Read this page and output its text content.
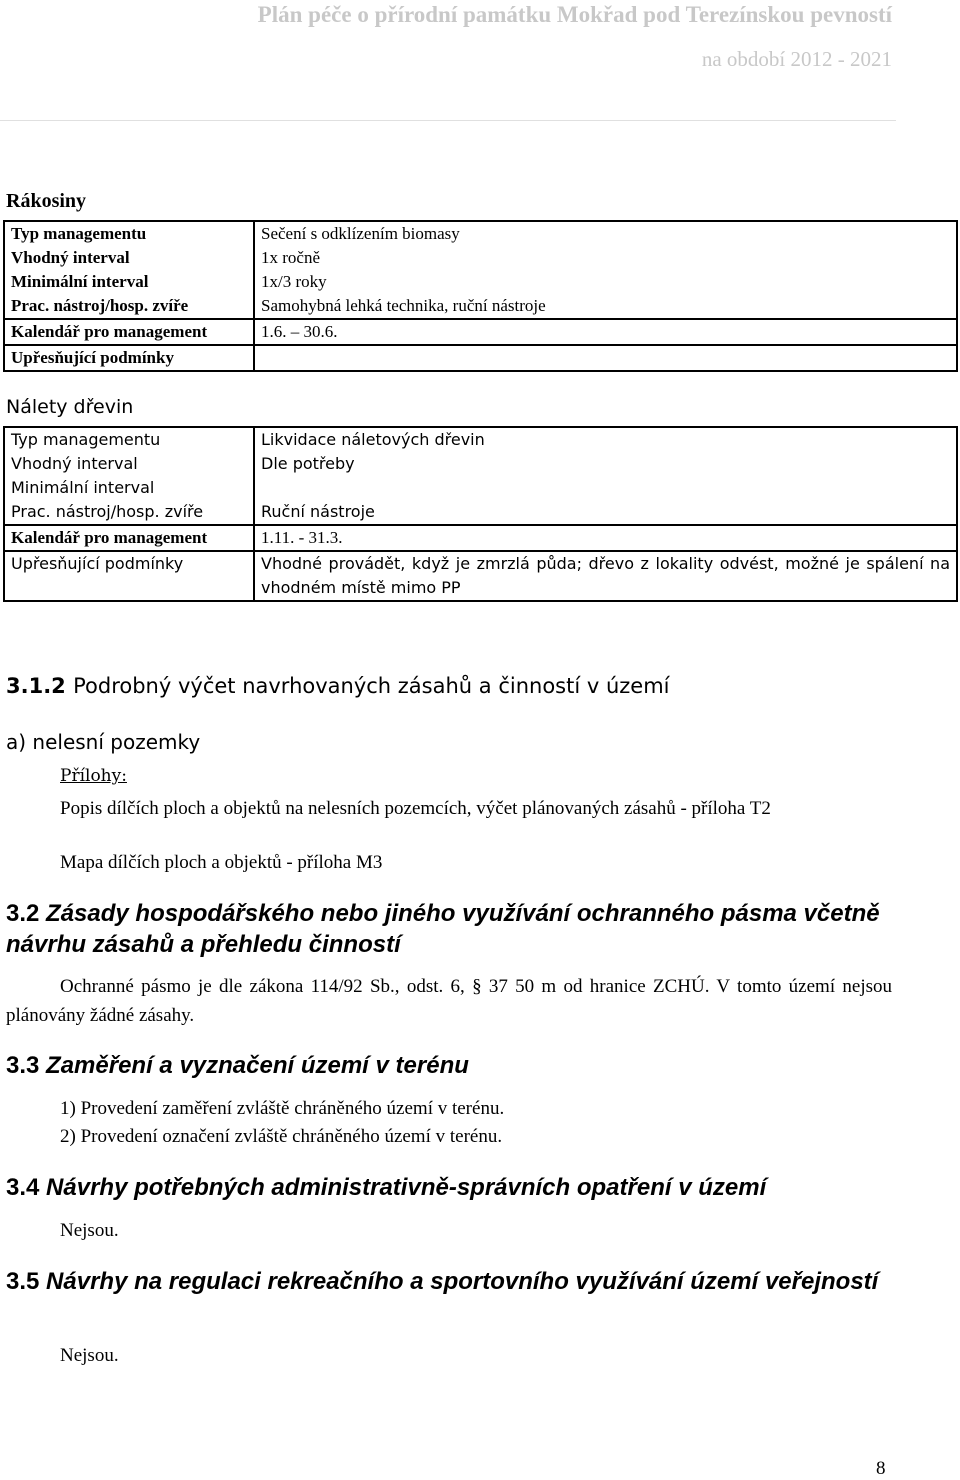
Plán péče o přírodní památku Mokřad pod Terezínskou pevností
na období 2012 - 2021
Rákosiny
Typ managementu	Sečení s odklízením biomasy
Vhodný interval	1x ročně
Minimální interval	1x/3 roky
Prac. nástroj/hosp. zvíře	Samohybná lehká technika, ruční nástroje
Kalendář pro management	1.6. – 30.6.
Upřesňující podmínky	
Nálety dřevin
Typ managementu	Likvidace náletových dřevin
Vhodný interval	Dle potřeby
Minimální interval	
Prac. nástroj/hosp. zvíře	Ruční nástroje
Kalendář pro management	1.11. - 31.3.
Upřesňující podmínky	Vhodné provádět, když je zmrzlá půda; dřevo z lokality odvést, možné je spálení na vhodném místě mimo PP
3.1.2 Podrobný výčet navrhovaných zásahů a činností v území
a) nelesní pozemky
Přílohy:
Popis dílčích ploch a objektů na nelesních pozemcích, výčet plánovaných zásahů - příloha T2
Mapa dílčích ploch a objektů - příloha M3
3.2 Zásady hospodářského nebo jiného využívání ochranného pásma včetně návrhu zásahů a přehledu činností
Ochranné pásmo je dle zákona 114/92 Sb., odst. 6, § 37 50 m od hranice ZCHÚ. V tomto území nejsou plánovány žádné zásahy.
3.3 Zaměření a vyznačení území v terénu
1) Provedení zaměření zvláště chráněného území v terénu.
2) Provedení označení zvláště chráněného území v terénu.
3.4 Návrhy potřebných administrativně-správních opatření v území
Nejsou.
3.5 Návrhy na regulaci rekreačního a sportovního využívání území veřejností
Nejsou.
8
